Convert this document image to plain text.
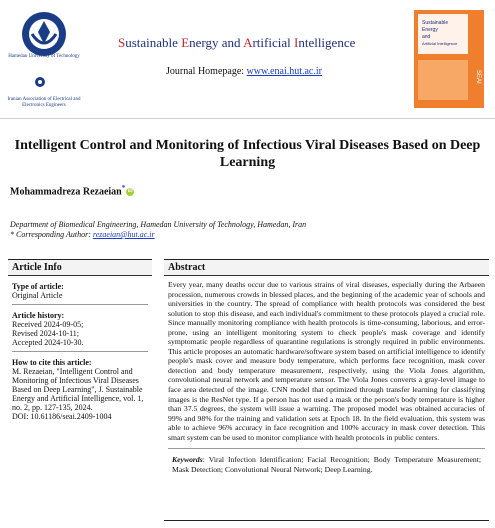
Hamedan University of Technology
Iranian Association of Electrical and Electronics Engineers
Sustainable Energy and Artificial Intelligence
Journal Homepage: www.enai.hut.ac.ir
Sustainable
Energy
and
Artificial Intelligence
SEAI
Intelligent Control and Monitoring of Infectious Viral Diseases Based on Deep Learning
Mohammadreza Rezaeian* iD
Department of Biomedical Engineering, Hamedan University of Technology, Hamedan, Iran
* Corresponding Author: rezaeian@hut.ac.ir
Article Info
Type of article:
Original Article
Article history:
Received 2024-09-05;
Revised 2024-10-11;
Accepted 2024-10-30.
How to cite this article:
M. Rezaeian, "Intelligent Control and Monitoring of Infectious Viral Diseases Based on Deep Learning", J. Sustainable Energy and Artificial Intelligence, vol. 1, no. 2, pp. 127-135, 2024.
DOI: 10.61186/seai.2409-1004
Abstract
Every year, many deaths occur due to various strains of viral diseases, especially during the Arbaeen procession, numerous crowds in blessed places, and the beginning of the academic year of schools and universities in the country. The spread of compliance with health protocols was considered the best solution to stop this disease, and each individual's commitment to these protocols played a crucial role. Since manually monitoring compliance with health protocols is time-consuming, laborious, and error-prone, using an intelligent monitoring system to check people's mask coverage and identify symptomatic people regardless of quarantine regulations is strongly required in public environments. This article proposes an automatic hardware/software system based on artificial intelligence to identify people's mask cover and measure body temperature, which performs face recognition, mask cover detection and body temperature measurement, respectively, using the Viola Jones algorithm, convolutional neural network and temperature sensor. The Viola Jones converts a gray-level image to face area detected of the image. CNN model that optimized through transfer learning for classifying images is the ResNet type. If a person has not used a mask or the person's body temperature is higher than 37.5 degrees, the system will issue a warning. The proposed model was obtained accuracies of 99% and 98% for the training and validation sets at Epoch 18. In the field evaluation, this system was able to achieve 96% accuracy in face recognition and 100% accuracy in mask cover detection. This smart system can be used to monitor compliance with health protocols in public centers.
Keywords: Viral Infection Identification; Facial Recognition; Body Temperature Measurement; Mask Detection; Convolutional Neural Network; Deep Learning.
